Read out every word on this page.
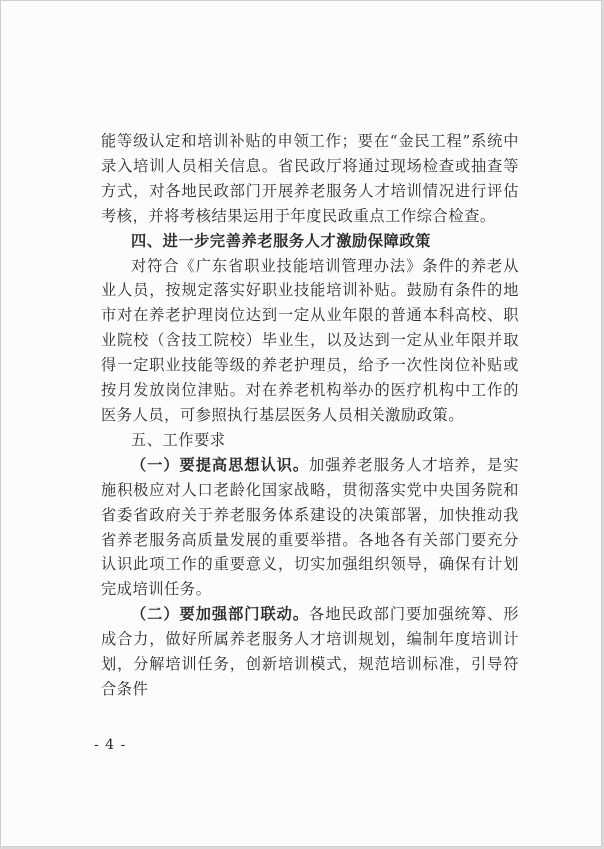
能等级认定和培训补贴的申领工作；要在“金民工程”系统中录入培训人员相关信息。省民政厅将通过现场检查或抽查等方式，对各地民政部门开展养老服务人才培训情况进行评估考核，并将考核结果运用于年度民政重点工作综合检查。

四、进一步完善养老服务人才激励保障政策

对符合《广东省职业技能培训管理办法》条件的养老从业人员，按规定落实好职业技能培训补贴。鼓励有条件的地市对在养老护理岗位达到一定从业年限的普通本科高校、职业院校（含技工院校）毕业生，以及达到一定从业年限并取得一定职业技能等级的养老护理员，给予一次性岗位补贴或按月发放岗位津贴。对在养老机构举办的医疗机构中工作的医务人员，可参照执行基层医务人员相关激励政策。

五、工作要求

（一）要提高思想认识。加强养老服务人才培养，是实施积极应对人口老龄化国家战略，贯彻落实党中央国务院和省委省政府关于养老服务体系建设的决策部署，加快推动我省养老服务高质量发展的重要举措。各地各有关部门要充分认识此项工作的重要意义，切实加强组织领导，确保有计划完成培训任务。

（二）要加强部门联动。各地民政部门要加强统筹、形成合力，做好所属养老服务人才培训规划，编制年度培训计划，分解培训任务，创新培训模式，规范培训标准，引导符合条件

- 4 -
